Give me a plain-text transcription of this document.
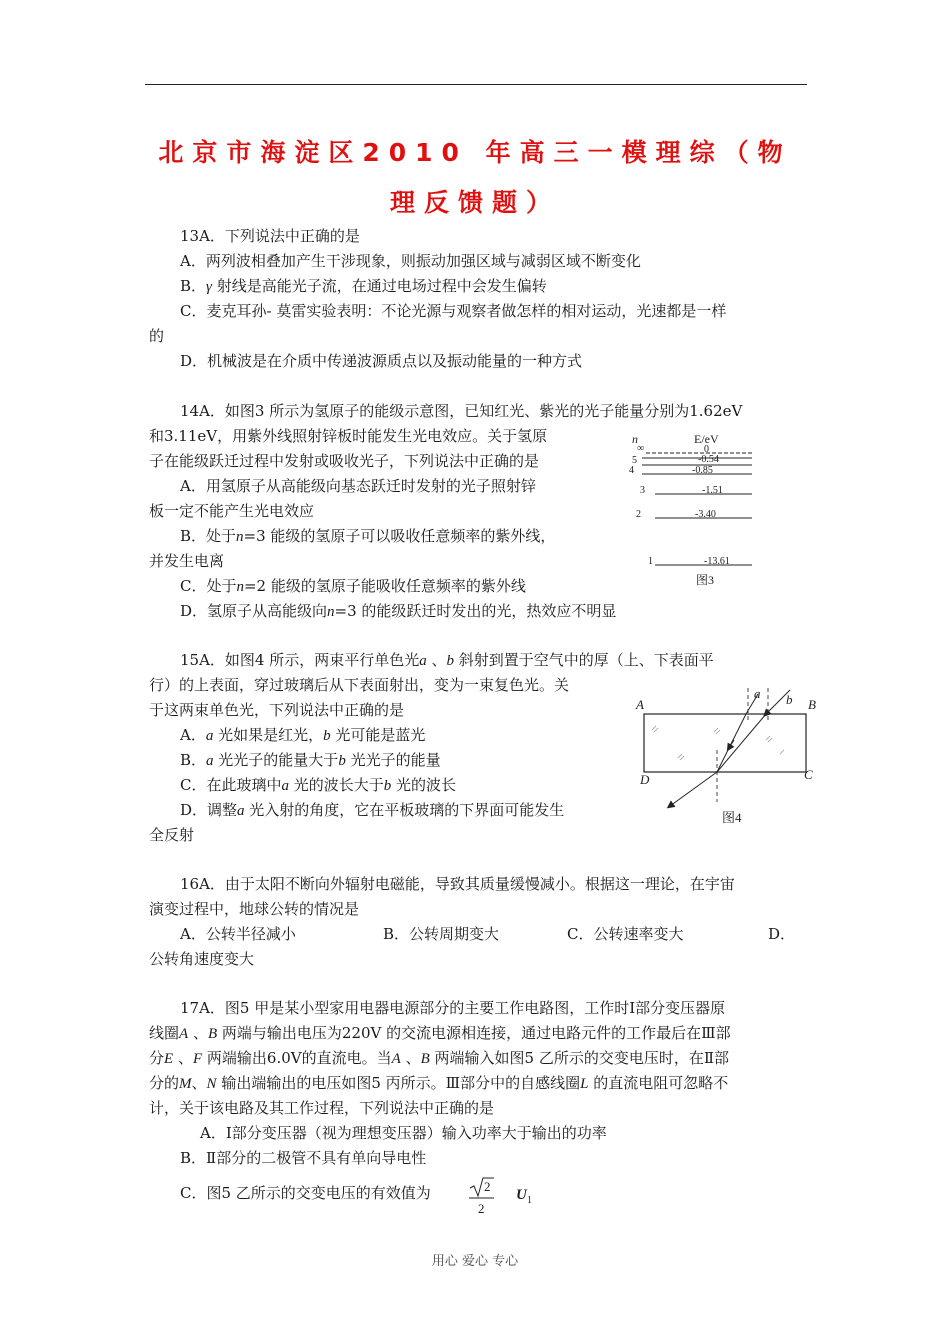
北京市海淀区2010 年高三一模理综（物
理反馈题）
13A．下列说法中正确的是
A．两列波相叠加产生干涉现象，则振动加强区域与减弱区域不断变化
B．γ 射线是高能光子流，在通过电场过程中会发生偏转
C．麦克耳孙- 莫雷实验表明：不论光源与观察者做怎样的相对运动，光速都是一样
的
D．机械波是在介质中传递波源质点以及振动能量的一种方式
14A．如图3 所示为氢原子的能级示意图，已知红光、紫光的光子能量分别为1.62eV
和3.11eV，用紫外线照射锌板时能发生光电效应。关于氢原
子在能级跃迁过程中发射或吸收光子，下列说法中正确的是
A．用氢原子从高能级向基态跃迁时发射的光子照射锌
板一定不能产生光电效应
B．处于n=3 能级的氢原子可以吸收任意频率的紫外线，
并发生电离
C．处于n=2 能级的氢原子能吸收任意频率的紫外线
D．氢原子从高能级向n=3 的能级跃迁时发出的光，热效应不明显
n	E/eV
∞	0
5	-0.54
4	-0.85
3	-1.51
2	-3.40
1	-13.61
图3
15A．如图4 所示，两束平行单色光a 、b 斜射到置于空气中的厚（上、下表面平
行）的上表面，穿过玻璃后从下表面射出，变为一束复色光。关
于这两束单色光，下列说法中正确的是
A．a 光如果是红光，b 光可能是蓝光
B．a 光光子的能量大于b 光光子的能量
C．在此玻璃中a 光的波长大于b 光的波长
D．调整a 光入射的角度，它在平板玻璃的下界面可能发生
全反射
A	B
C
D
a b
图4
16A．由于太阳不断向外辐射电磁能，导致其质量缓慢减小。根据这一理论，在宇宙
演变过程中，地球公转的情况是
A．公转半径减小	B．公转周期变大	C．公转速率变大	D．
公转角速度变大
17A．图5 甲是某小型家用电器电源部分的主要工作电路图，工作时Ⅰ部分变压器原
线圈A 、B 两端与输出电压为220V 的交流电源相连接，通过电路元件的工作最后在Ⅲ部
分E 、F 两端输出6.0V的直流电。当A 、B 两端输入如图5 乙所示的交变电压时，在Ⅱ部
分的M、N 输出端输出的电压如图5 丙所示。Ⅲ部分中的自感线圈L 的直流电阻可忽略不
计，关于该电路及其工作过程，下列说法中正确的是
A．Ⅰ部分变压器（视为理想变压器）输入功率大于输出的功率
B．Ⅱ部分的二极管不具有单向导电性
C．图5 乙所示的交变电压的有效值为	2
2
U 1
用心 爱心 专心
